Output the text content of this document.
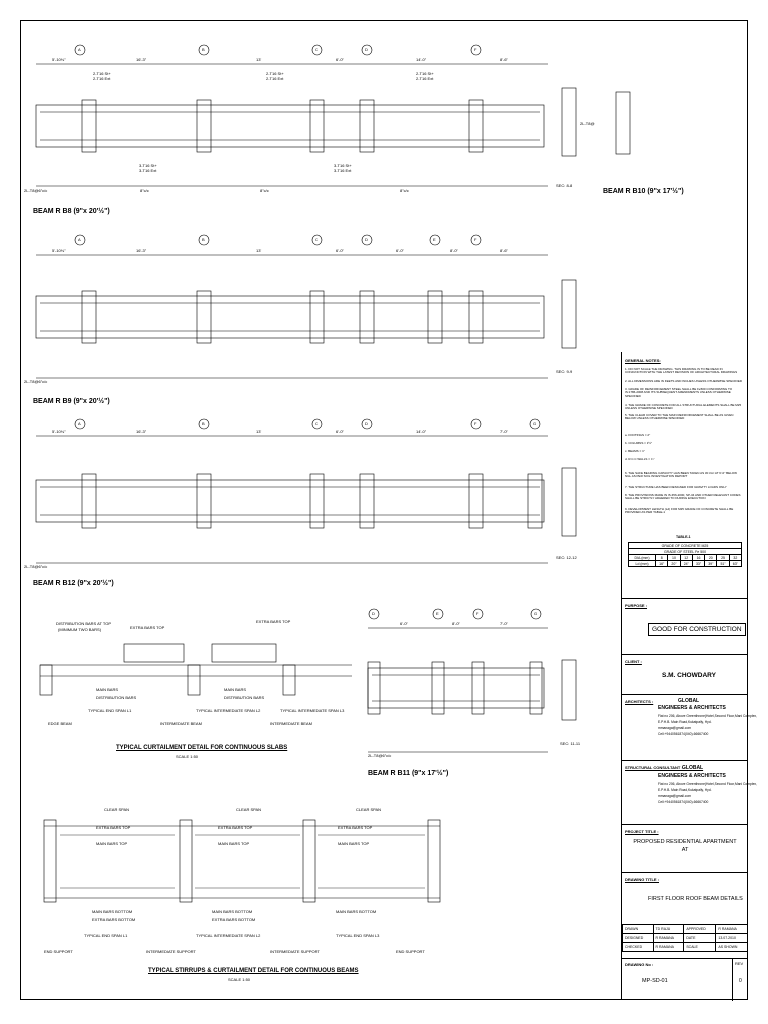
A	B	C	D	F
A	B	C	D	E	F
A	B	C	D	F	G
D	E	F	G
5'-10⅛"	16'-3"	13'	6'-0"	14'-0"	8'-6"
5'-10⅛"	16'-3"	13'	6'-0"	6'-0"	8'-0"	8'-6"
5'-10⅛"	16'-3"	13'	6'-0"	14'-0"	7'-0"
6'-0"	8'-0"	7'-0"
2-T16 St+
2-T16 Ext
2-T16 St+
2-T16 Ext
2-T16 St+
2-T16 Ext
3-T16 St+
3-T16 Ext
3-T16 St+
3-T16 Ext
2L-T8@6"c/c
2L-T8@6"c/c
2L-T8@6"c/c
2L-T8@6"c/c
8"c/c	8"c/c	8"c/c
2L-T8@
BEAM R B8 (9"x 20'½")
BEAM R B9 (9"x 20'½")
BEAM R B12 (9"x 20'½")
BEAM R B11 (9"x 17'½")
BEAM R B10 (9"x 17'½")
SEC: 8-8
SEC: 9-9
SEC: 12-12
SEC: 11-11
DISTRIBUTION BARS AT TOP
(MINIMUM TWO BARS)	EXTRA BARS TOP
EXTRA BARS TOP
MAIN BARS
DISTRIBUTION BARS
MAIN BARS
DISTRIBUTION BARS
TYPICAL END SPAN L1	TYPICAL INTERMEDIATE SPAN L2	TYPICAL INTERMEDIATE SPAN L3
EDGE BEAM	INTERMEDIATE BEAM	INTERMEDIATE BEAM
TYPICAL CURTAILMENT DETAIL FOR CONTINUOUS SLABS
SCALE 1:50
CLEAR SPAN	CLEAR SPAN	CLEAR SPAN
EXTRA BARS TOP	EXTRA BARS TOP	EXTRA BARS TOP
MAIN BARS TOP	MAIN BARS TOP	MAIN BARS TOP
MAIN BARS BOTTOM
EXTRA BARS BOTTOM
MAIN BARS BOTTOM
EXTRA BARS BOTTOM
MAIN BARS BOTTOM
TYPICAL END SPAN L1	TYPICAL INTERMEDIATE SPAN L2	TYPICAL END SPAN L3
END SUPPORT	INTERMEDIATE SUPPORT	INTERMEDIATE SUPPORT	END SUPPORT
TYPICAL STIRRUPS & CURTAILMENT DETAIL FOR CONTINUOUS BEAMS
SCALE 1:50
GENERAL NOTES:
1. DO NOT SCALE THE DRAWING. THIS DRAWING IS TO BE READ IN CONJUNCTION WITH THE LATEST REVISION OF ARCHITECTURAL DRAWINGS
2. ALL DIMENSIONS ARE IN FEETS AND INCHES UNLESS OTHERWISE SPECIFIED
3. GRADE OF REINFORCEMENT STEEL SHALL BE Fe500 CONFORMING TO IS:1786-2008 AND ITS SUBSEQUENT AMENDMENTS UNLESS OTHERWISE SPECIFIED
4. THE GRADE OF CONCRETE FOR ALL STRUCTURAL ELEMENTS SHALL BE M25 UNLESS OTHERWISE SPECIFIED
5. THE CLEAR COVER TO THE MAIN REINFORCEMENT SHALL BE AS GIVEN BELOW UNLESS OTHERWISE SPECIFIED
a. FOOTINGS = 2"
b. COLUMNS = 1½"
c. BEAMS = 1"
d. R.C.C WALLS = ¾"
6. THE SAFE BEARING CAPACITY HAS BEEN TAKEN AS 30 t/m² AT 6'-0" BELOW NGL AS PER SOIL INVESTIGATION REPORT
7. THE STRUCTURE HAS BEEN DESIGNED FOR GRAVITY LOADS ONLY
8. THE PROVISIONS MADE IN IS:456-2000, SP-34 AND OTHER RELEVANT CODES SHALL BE STRICTLY ADHERED TO DURING EXECUTION
9. DEVELOPMENT LENGTH (Ld) FOR M25 GRADE OF CONCRETE SHALL BE PROVIDED AS PER TABLE-1
TABLE-1
GRADE OF CONCRETE M25							
GRADE OF STEEL Fe 500							
DIA.(mm)	8	10	12	16	20	25	32
Ld (mm)	16"	20"	24"	33"	39"	51"	63"
PURPOSE :
GOOD FOR CONSTRUCTION
CLIENT :
S.M. CHOWDARY
ARCHITECTS :	GLOBAL
ENGINEERS & ARCHITECTS
Flat no 206, Above Greenthrone(Hotel,Second Floor,Mani Complex,
E.P.H.B. Main Road,Kukatpally, Hyd.
mmanaga@gmail.com
Cell:+9440561874(040)-66667400
STRUCTURAL CONSULTANT : GLOBAL
ENGINEERS & ARCHITECTS
Flat no 206, Above Greenthrone(Hotel,Second Floor,Mani Complex,
E.P.H.B. Main Road,Kukatpally, Hyd.
mmanaga@gmail.com
Cell:+9440561874(040)-66667400
PROJECT TITLE :
PROPOSED RESIDENTIAL APARTMENT AT
DRAWING TITLE :
FIRST FLOOR ROOF BEAM DETAILS
DRAWN	TD RAJU	APPROVED	R RAMANA
DESIGNED	R RAMANA	DATE	13.07.2010
CHECKED	R RAMANA	SCALE	AS SHOWN
DRAWING No :
MP-SD-01
REV
0
